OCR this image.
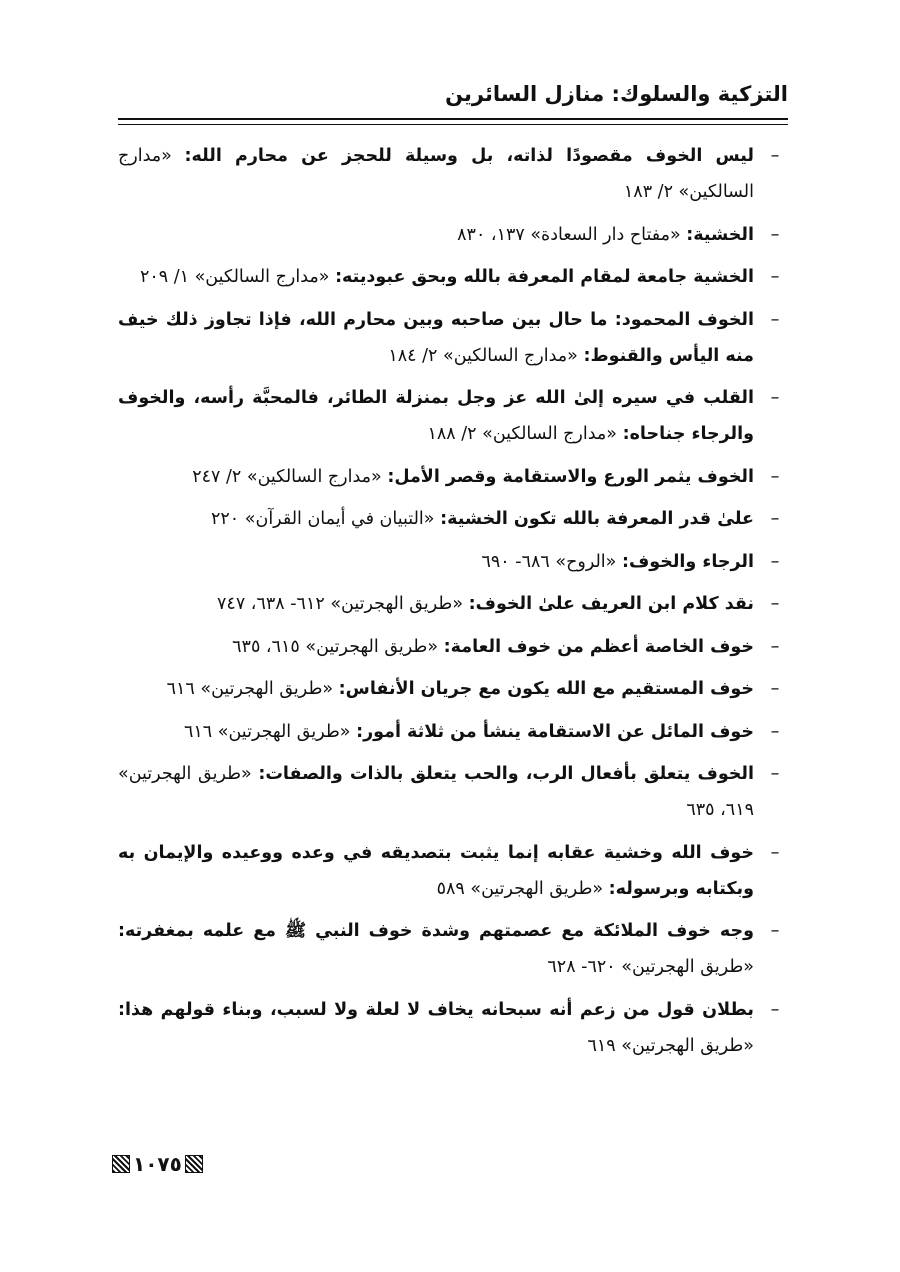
التزكية والسلوك: منازل السائرين
–
ليس الخوف مقصودًا لذاته، بل وسيلة للحجز عن محارم الله: «مدارج السالكين» ٢/ ١٨٣
–
الخشية: «مفتاح دار السعادة» ١٣٧، ٨٣٠
–
الخشية جامعة لمقام المعرفة بالله وبحق عبوديته: «مدارج السالكين» ١/ ٢٠٩
–
الخوف المحمود: ما حال بين صاحبه وبين محارم الله، فإذا تجاوز ذلك خيف منه اليأس والقنوط: «مدارج السالكين» ٢/ ١٨٤
–
القلب في سيره إلىٰ الله عز وجل بمنزلة الطائر، فالمحبَّة رأسه، والخوف والرجاء جناحاه: «مدارج السالكين» ٢/ ١٨٨
–
الخوف يثمر الورع والاستقامة وقصر الأمل: «مدارج السالكين» ٢/ ٢٤٧
–
علىٰ قدر المعرفة بالله تكون الخشية: «التبيان في أيمان القرآن» ٢٢٠
–
الرجاء والخوف: «الروح» ٦٨٦- ٦٩٠
–
نقد كلام ابن العريف علىٰ الخوف: «طريق الهجرتين» ٦١٢- ٦٣٨، ٧٤٧
–
خوف الخاصة أعظم من خوف العامة: «طريق الهجرتين» ٦١٥، ٦٣٥
–
خوف المستقيم مع الله يكون مع جريان الأنفاس: «طريق الهجرتين» ٦١٦
–
خوف المائل عن الاستقامة ينشأ من ثلاثة أمور: «طريق الهجرتين» ٦١٦
–
الخوف يتعلق بأفعال الرب، والحب يتعلق بالذات والصفات: «طريق الهجرتين» ٦١٩، ٦٣٥
–
خوف الله وخشية عقابه إنما يثبت بتصديقه في وعده ووعيده والإيمان به وبكتابه وبرسوله: «طريق الهجرتين» ٥٨٩
–
وجه خوف الملائكة مع عصمتهم وشدة خوف النبي ﷺ مع علمه بمغفرته: «طريق الهجرتين» ٦٢٠- ٦٢٨
–
بطلان قول من زعم أنه سبحانه يخاف لا لعلة ولا لسبب، وبناء قولهم هذا: «طريق الهجرتين» ٦١٩
١٠٧٥
